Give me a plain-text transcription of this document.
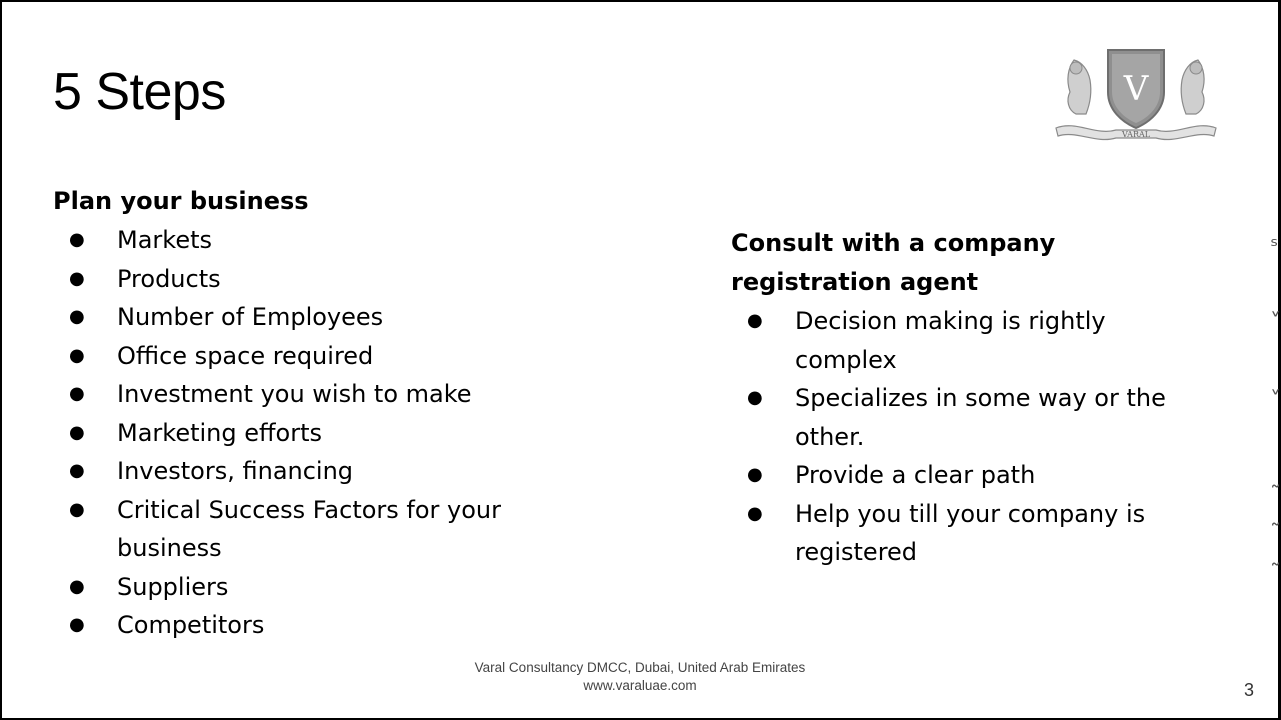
5 Steps	V
VARAL
Plan your business
● Markets
● Products
● Number of Employees
● Office space required
● Investment you wish to make
● Marketing efforts
● Investors, financing
● Critical Success Factors for your business
● Suppliers
● Competitors
Consult with a company registration agent
● Decision making is rightly complex
● Specializes in some way or the other.
● Provide a clear path
● Help you till your company is registered
ˢ
˅
˅
˷
˷
˷
Varal Consultancy DMCC, Dubai, United Arab Emirates
www.varaluae.com	3
